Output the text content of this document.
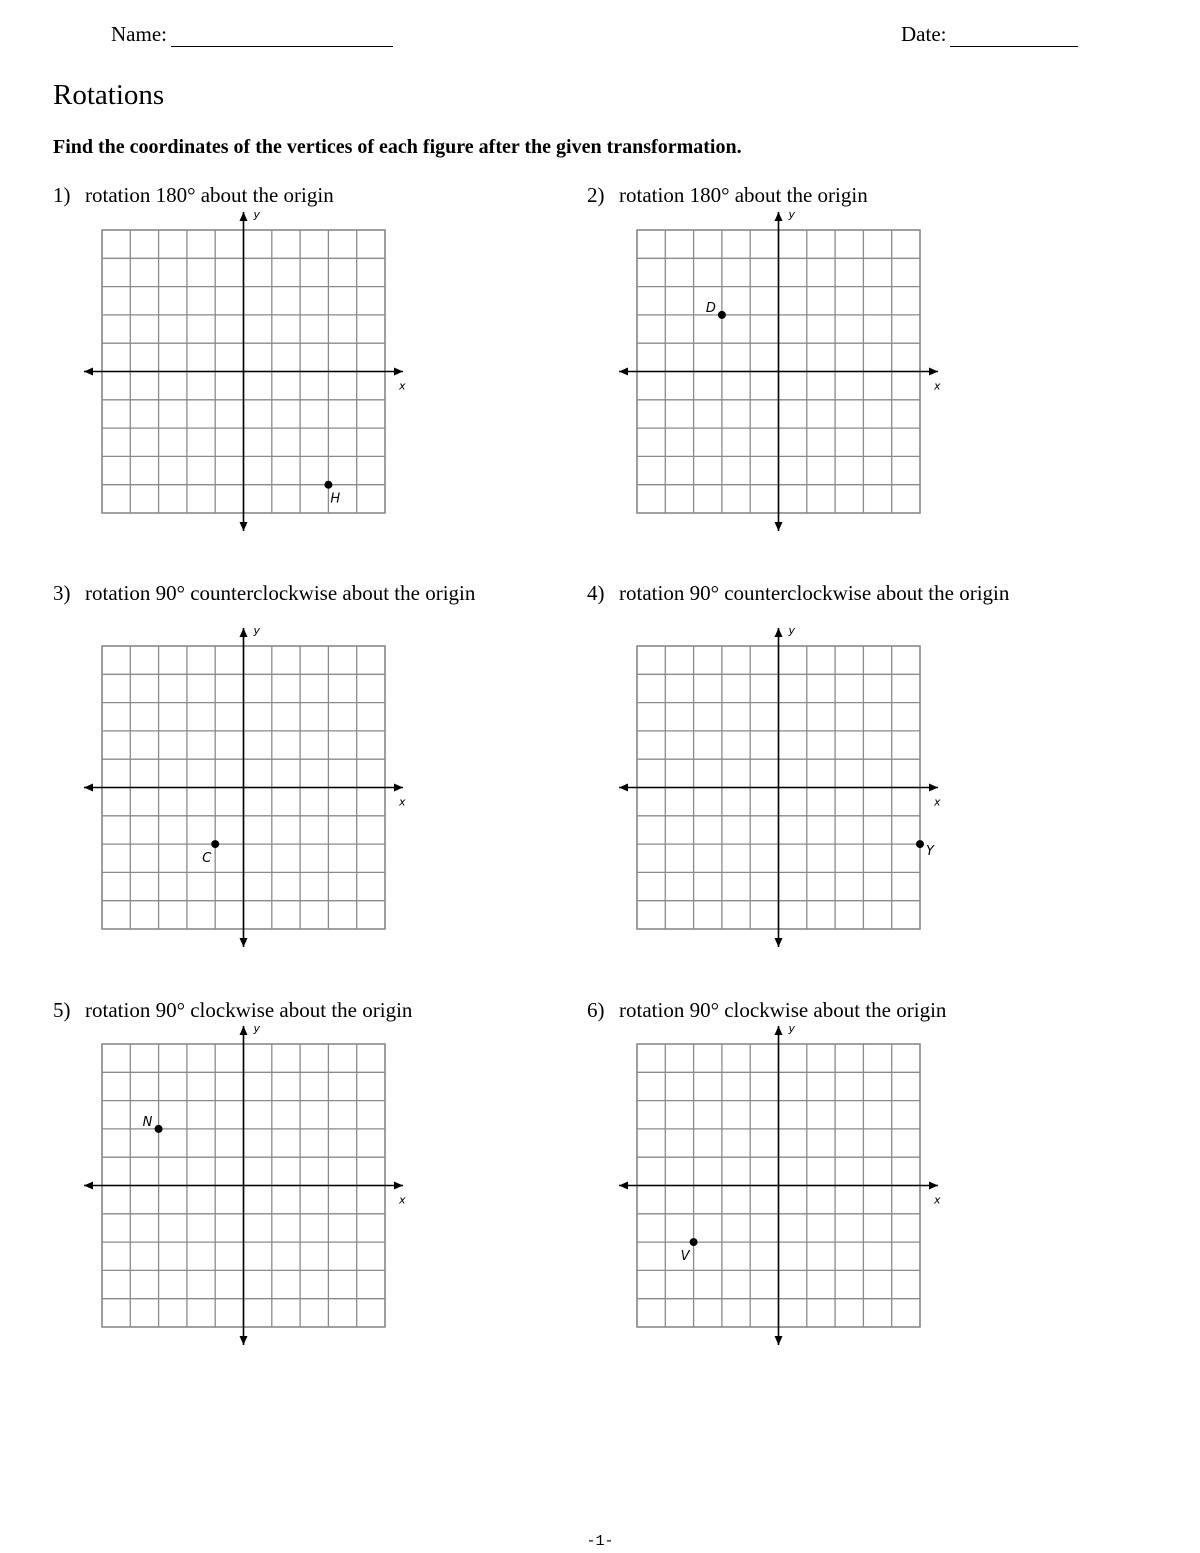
Name:	Date:
Rotations
Find the coordinates of the vertices of each figure after the given transformation.
1) rotation 180° about the origin
x
y
H
2) rotation 180° about the origin
x
y
D
3) rotation 90° counterclockwise about the origin
x
y
C
4) rotation 90° counterclockwise about the origin
x
y
Y
5) rotation 90° clockwise about the origin
x
y
N
6) rotation 90° clockwise about the origin
x
y
V
-1-
